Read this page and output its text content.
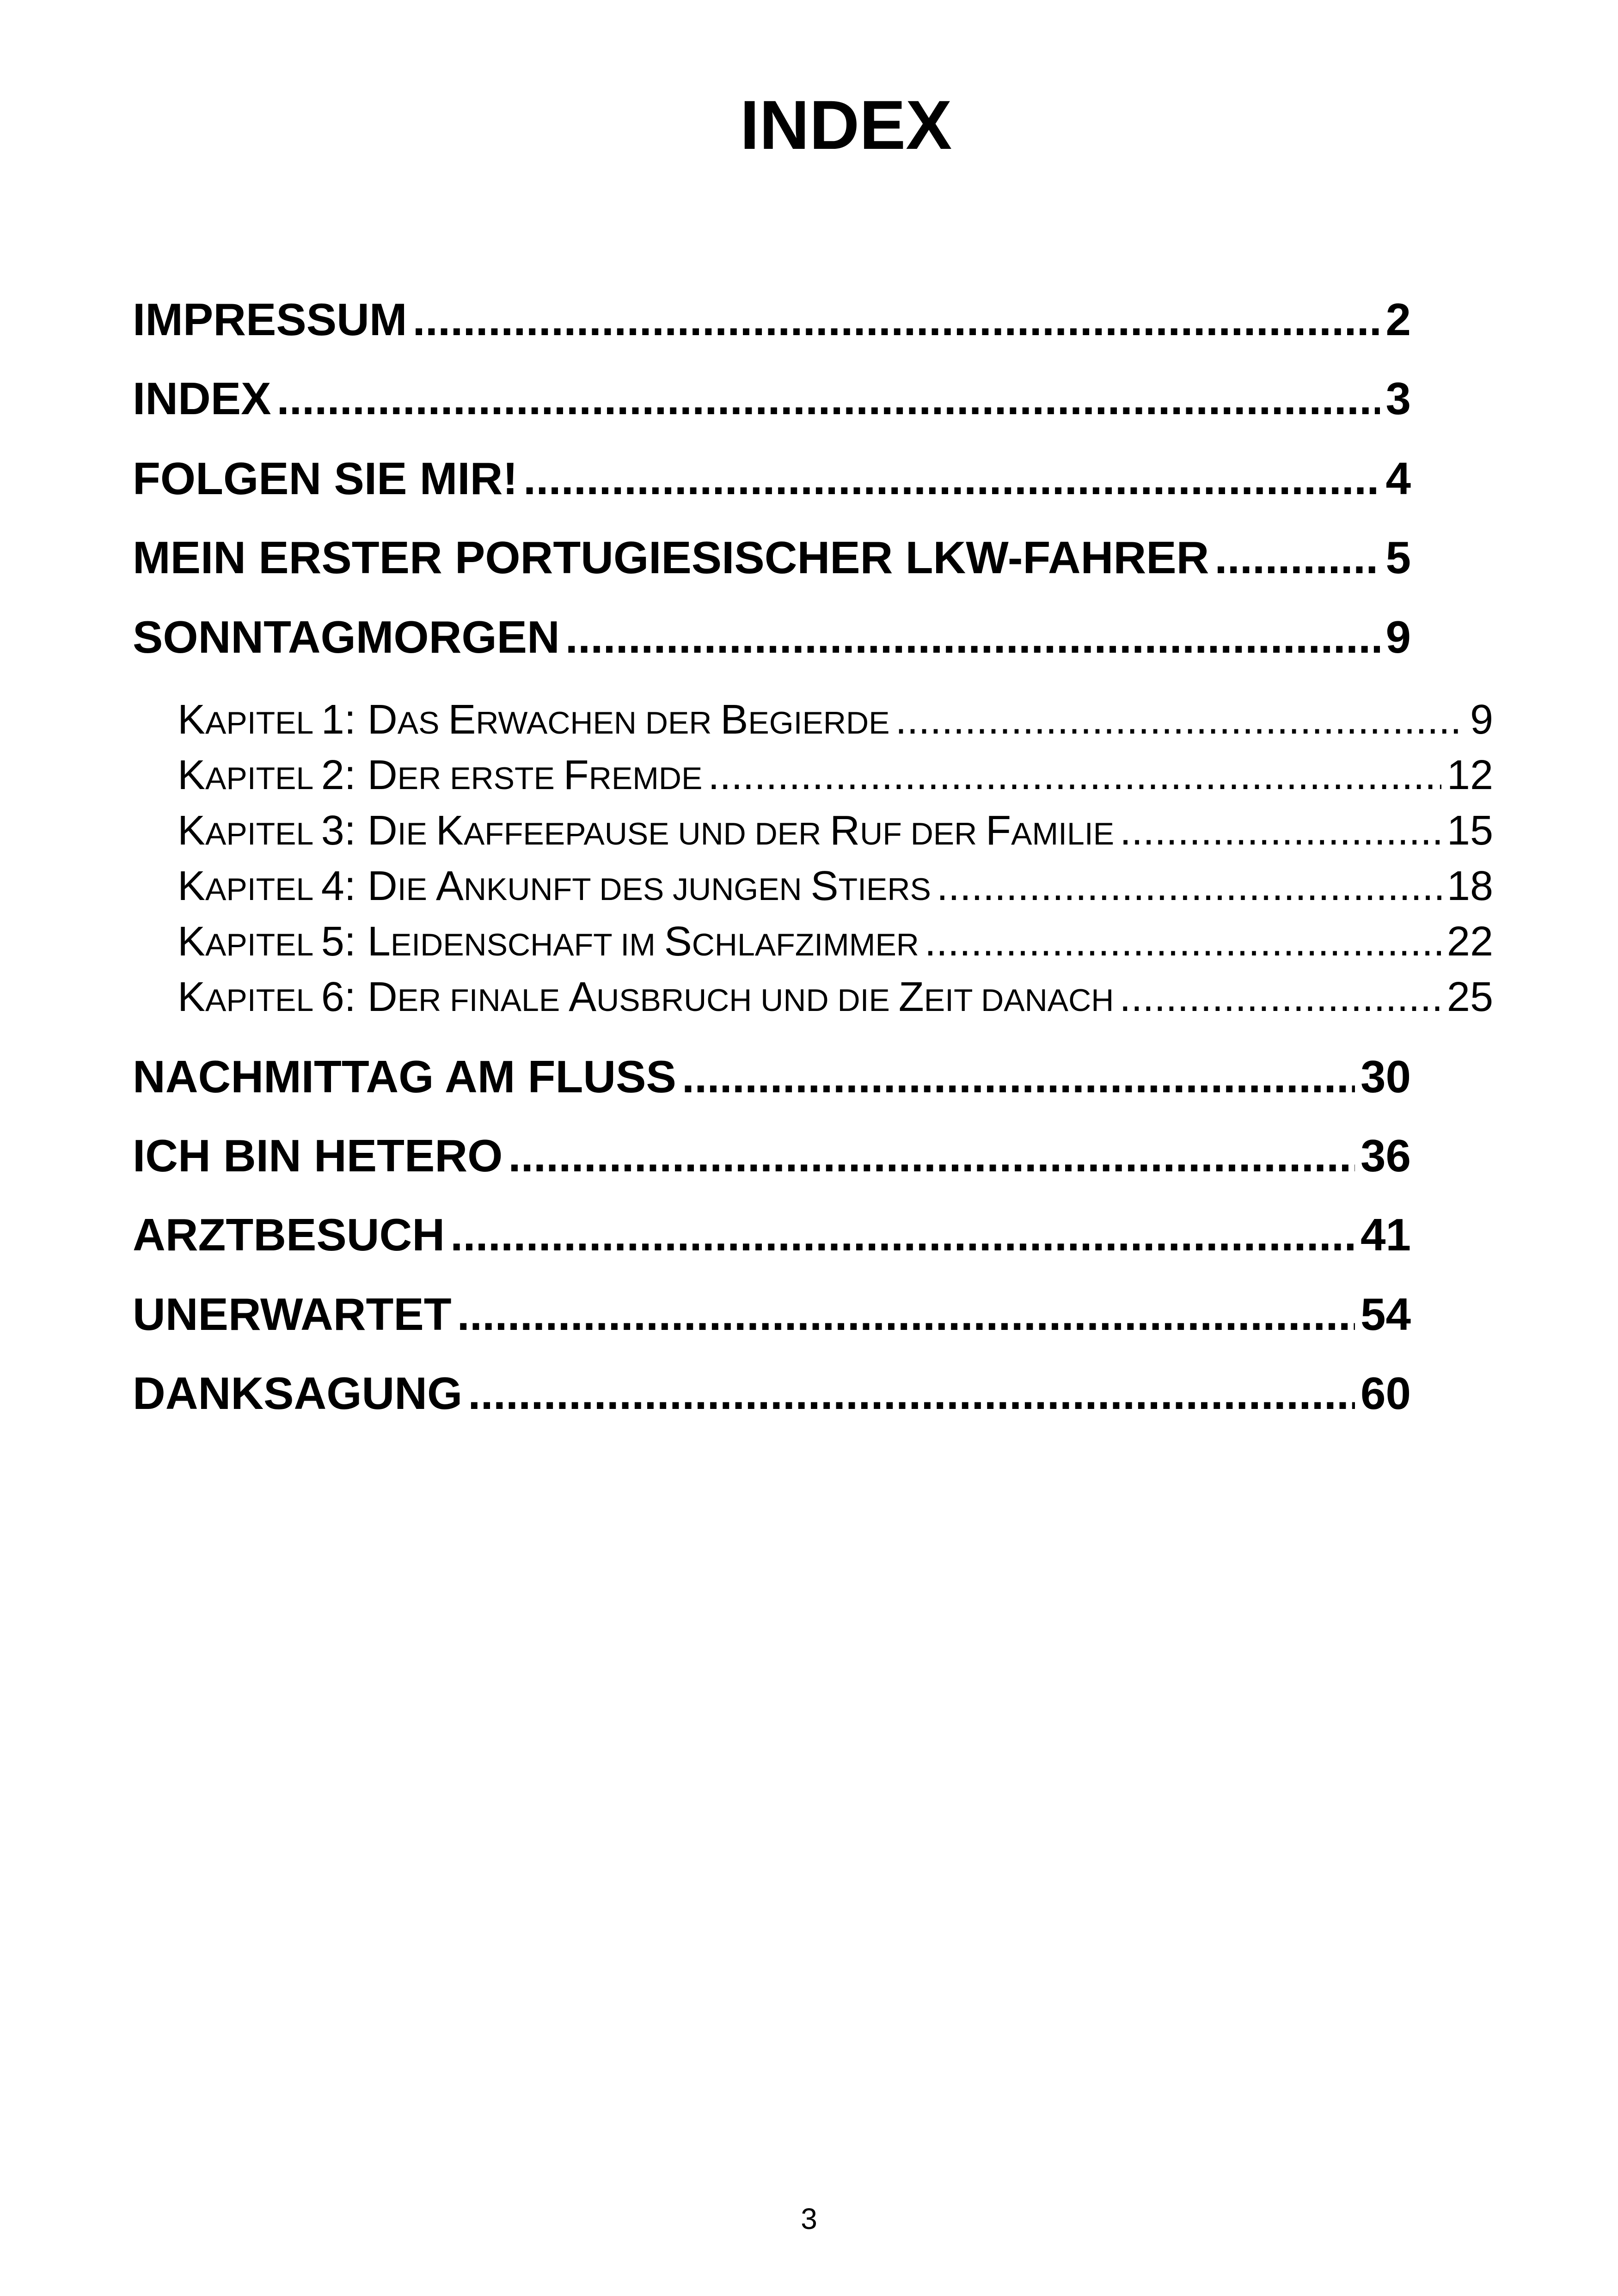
INDEX
IMPRESSUM .....	2
INDEX .....	3
FOLGEN SIE MIR! .....	4
MEIN ERSTER PORTUGIESISCHER LKW-FAHRER .....	5
SONNTAGMORGEN .....	9
KAPITEL 1: DAS ERWACHEN DER BEGIERDE .....	9
KAPITEL 2: DER ERSTE FREMDE .....	12
KAPITEL 3: DIE KAFFEEPAUSE UND DER RUF DER FAMILIE .....	15
KAPITEL 4: DIE ANKUNFT DES JUNGEN STIERS .....	18
KAPITEL 5: LEIDENSCHAFT IM SCHLAFZIMMER .....	22
KAPITEL 6: DER FINALE AUSBRUCH UND DIE ZEIT DANACH .....	25
NACHMITTAG AM FLUSS .....	30
ICH BIN HETERO .....	36
ARZTBESUCH .....	41
UNERWARTET .....	54
DANKSAGUNG .....	60
3
